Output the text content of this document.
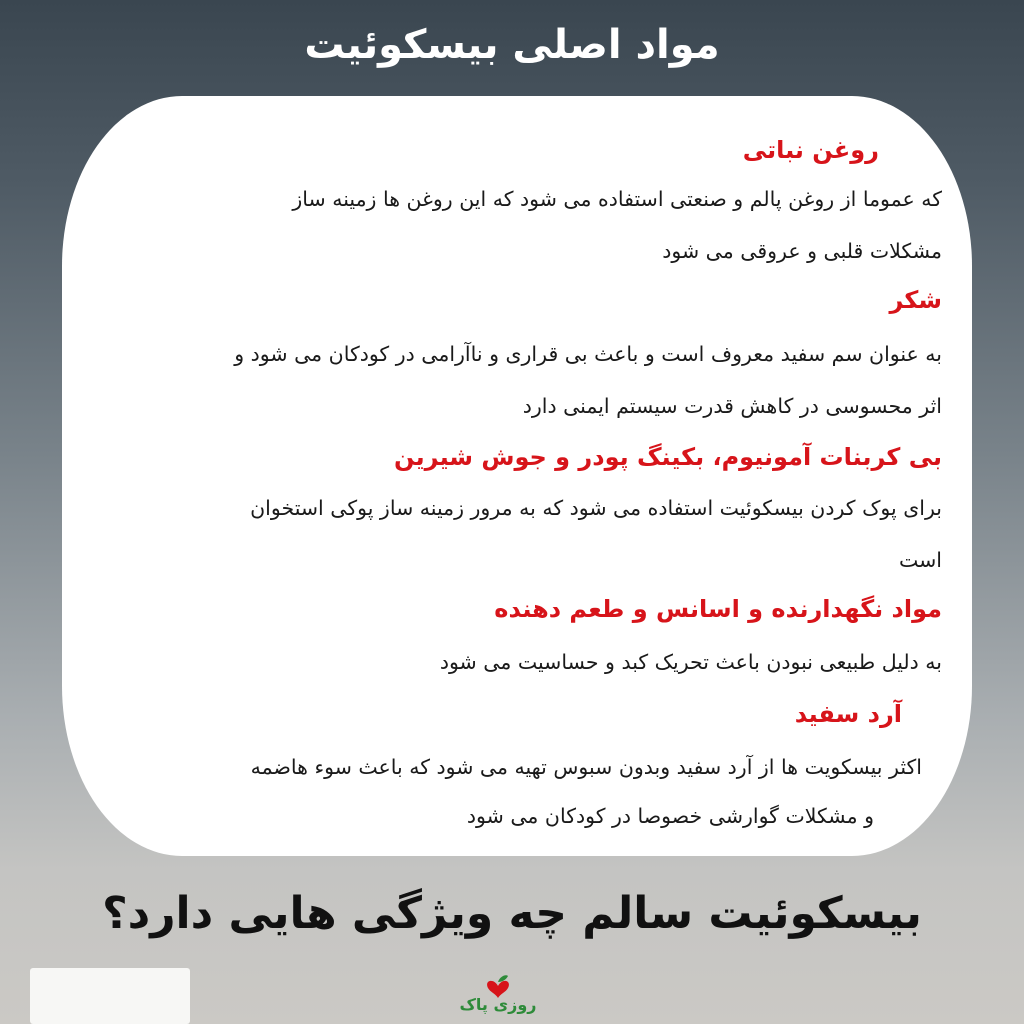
مواد اصلی بیسکوئیت
روغن نباتی
که عموما از روغن پالم و صنعتی استفاده می شود که این روغن ها زمینه ساز
مشکلات قلبی و عروقی می شود
شکر
به عنوان سم سفید معروف است و باعث بی قراری و ناآرامی در کودکان می شود و
اثر محسوسی در کاهش قدرت سیستم ایمنی دارد
بی کربنات آمونیوم، بکینگ پودر و جوش شیرین
برای پوک کردن بیسکوئیت استفاده می شود که به مرور زمینه ساز پوکی استخوان
است
مواد نگهدارنده و اسانس و طعم دهنده
به دلیل طبیعی نبودن باعث تحریک کبد و حساسیت می شود
آرد سفید
اکثر بیسکویت ها از آرد سفید وبدون سبوس تهیه می شود که باعث سوء هاضمه
و مشکلات گوارشی خصوصا در کودکان می شود
بیسکوئیت سالم چه ویژگی هایی دارد؟
روزی پاک
